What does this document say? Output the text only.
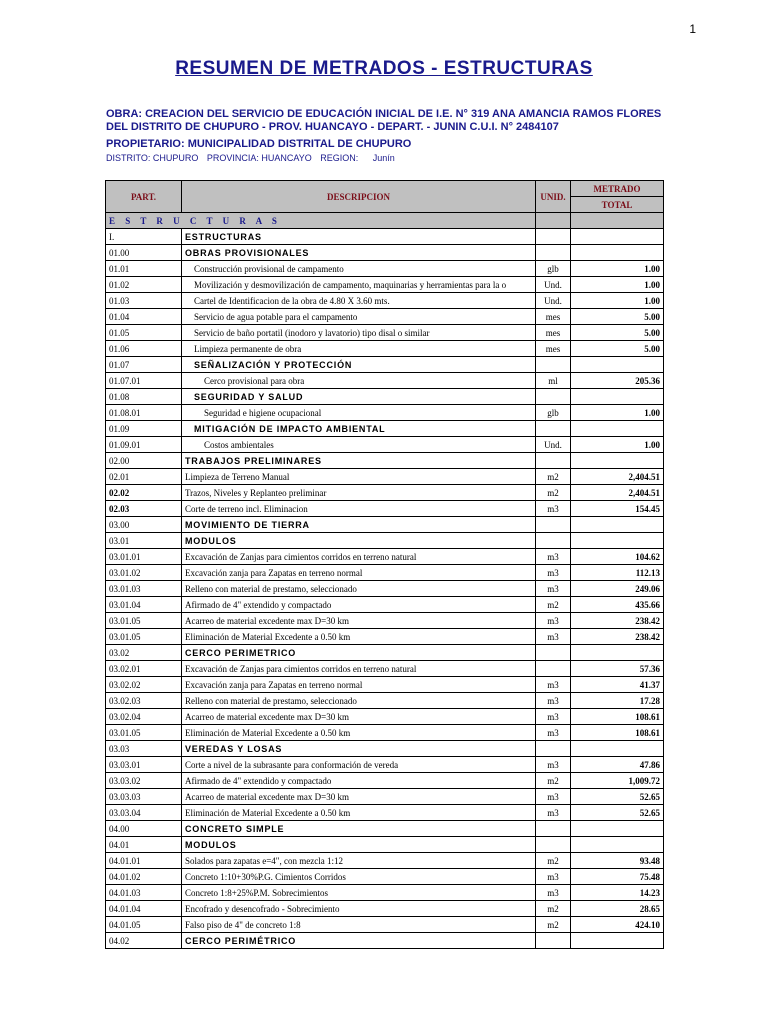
1
RESUMEN DE METRADOS - ESTRUCTURAS
OBRA: CREACION DEL SERVICIO DE EDUCACIÓN INICIAL DE I.E. N° 319 ANA AMANCIA RAMOS FLORES
DEL DISTRITO DE CHUPURO - PROV. HUANCAYO - DEPART. - JUNIN C.U.I. N° 2484107
PROPIETARIO: MUNICIPALIDAD DISTRITAL DE CHUPURO
DISTRITO: CHUPURO PROVINCIA: HUANCAYO REGION: Junín
PART.	DESCRIPCION	UNID.	METRADO
			TOTAL
E S T R U C T U R A S			
I.	ESTRUCTURAS		
01.00	OBRAS PROVISIONALES		
01.01	Construcción provisional de campamento	glb	1.00
01.02	Movilización y desmovilización de campamento, maquinarias y herramientas para la o	Und.	1.00
01.03	Cartel de Identificacion de la obra de 4.80 X 3.60 mts.	Und.	1.00
01.04	Servicio de agua potable para el campamento	mes	5.00
01.05	Servicio de baño portatil (inodoro y lavatorio) tipo disal o similar	mes	5.00
01.06	Limpieza permanente de obra	mes	5.00
01.07	SEÑALIZACIÓN Y PROTECCIÓN		
01.07.01	Cerco provisional para obra	ml	205.36
01.08	SEGURIDAD Y SALUD		
01.08.01	Seguridad e higiene ocupacional	glb	1.00
01.09	MITIGACIÓN DE IMPACTO AMBIENTAL		
01.09.01	Costos ambientales	Und.	1.00
02.00	TRABAJOS PRELIMINARES		
02.01	Limpieza de Terreno Manual	m2	2,404.51
02.02	Trazos, Niveles y Replanteo preliminar	m2	2,404.51
02.03	Corte de terreno incl. Eliminacion	m3	154.45
03.00	MOVIMIENTO DE TIERRA		
03.01	MODULOS		
03.01.01	Excavación de Zanjas para cimientos corridos en terreno natural	m3	104.62
03.01.02	Excavación zanja para Zapatas en terreno normal	m3	112.13
03.01.03	Relleno con material de prestamo, seleccionado	m3	249.06
03.01.04	Afirmado de 4" extendido y compactado	m2	435.66
03.01.05	Acarreo de material excedente max D=30 km	m3	238.42
03.01.05	Eliminación de Material Excedente a 0.50 km	m3	238.42
03.02	CERCO PERIMETRICO		
03.02.01	Excavación de Zanjas para cimientos corridos en terreno natural		57.36
03.02.02	Excavación zanja para Zapatas en terreno normal	m3	41.37
03.02.03	Relleno con material de prestamo, seleccionado	m3	17.28
03.02.04	Acarreo de material excedente max D=30 km	m3	108.61
03.01.05	Eliminación de Material Excedente a 0.50 km	m3	108.61
03.03	VEREDAS Y LOSAS		
03.03.01	Corte a nivel de la subrasante para conformación de vereda	m3	47.86
03.03.02	Afirmado de 4" extendido y compactado	m2	1,009.72
03.03.03	Acarreo de material excedente max D=30 km	m3	52.65
03.03.04	Eliminación de Material Excedente a 0.50 km	m3	52.65
04.00	CONCRETO SIMPLE		
04.01	MODULOS		
04.01.01	Solados para zapatas e=4", con mezcla 1:12	m2	93.48
04.01.02	Concreto 1:10+30%P.G. Cimientos Corridos	m3	75.48
04.01.03	Concreto 1:8+25%P.M. Sobrecimientos	m3	14.23
04.01.04	Encofrado y desencofrado - Sobrecimiento	m2	28.65
04.01.05	Falso piso de 4" de concreto 1:8	m2	424.10
04.02	CERCO PERIMÉTRICO		
